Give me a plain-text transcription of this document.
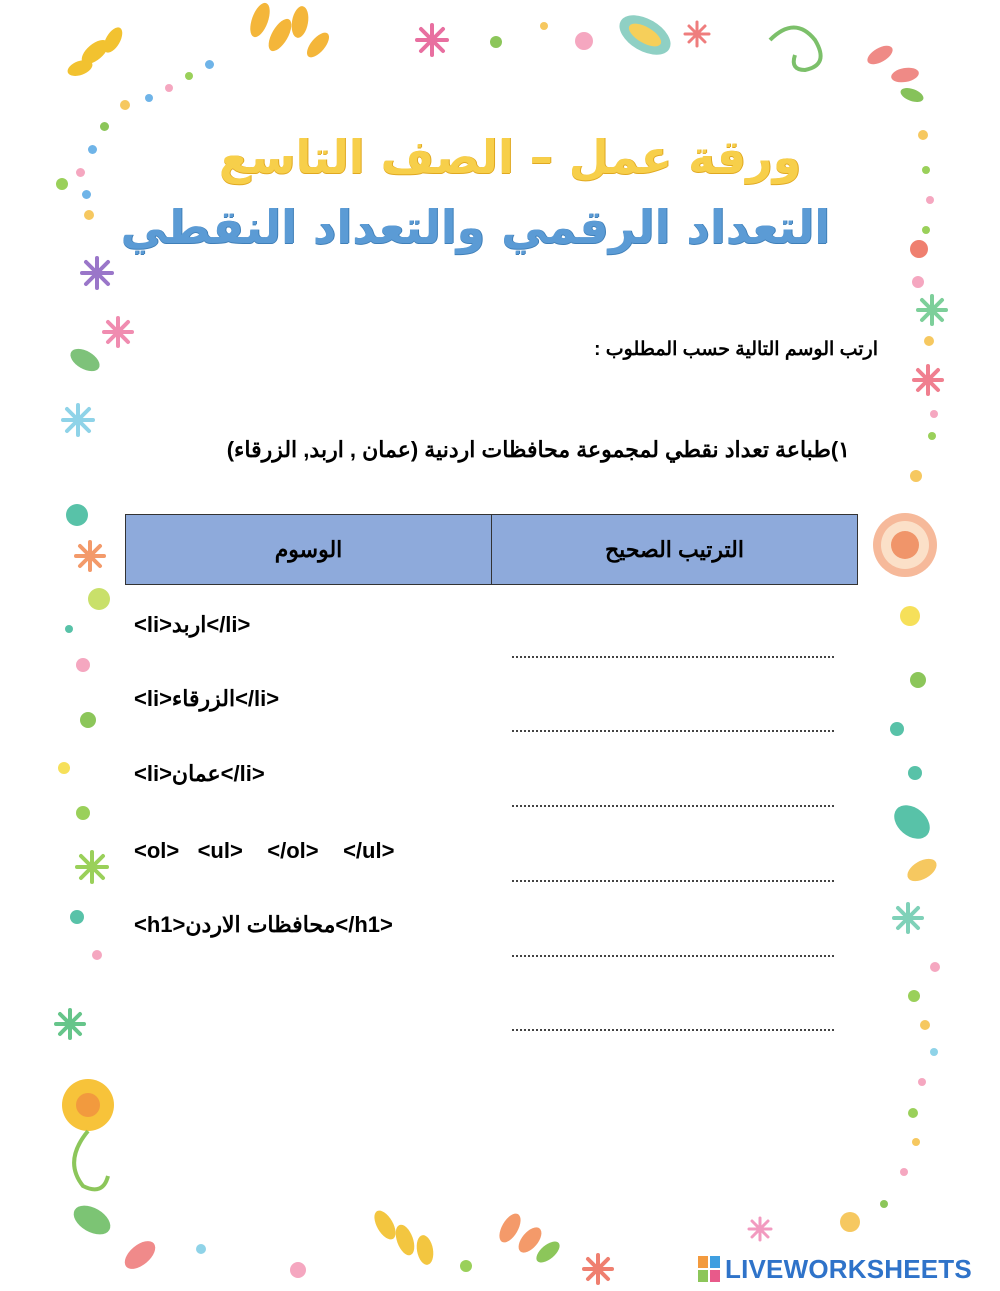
ورقة عمل – الصف التاسع
التعداد الرقمي والتعداد النقطي
ارتب الوسم التالية حسب المطلوب :
١)طباعة تعداد نقطي لمجموعة محافظات اردنية (عمان , اربد, الزرقاء)
الوسوم	الترتيب الصحيح
<li>اربد</li>
<li>الزرقاء</li>
<li>عمان</li>
<ol>   <ul>    </ol>    </ul>
<h1>محافظات الاردن</h1>
LIVEWORKSHEETS
